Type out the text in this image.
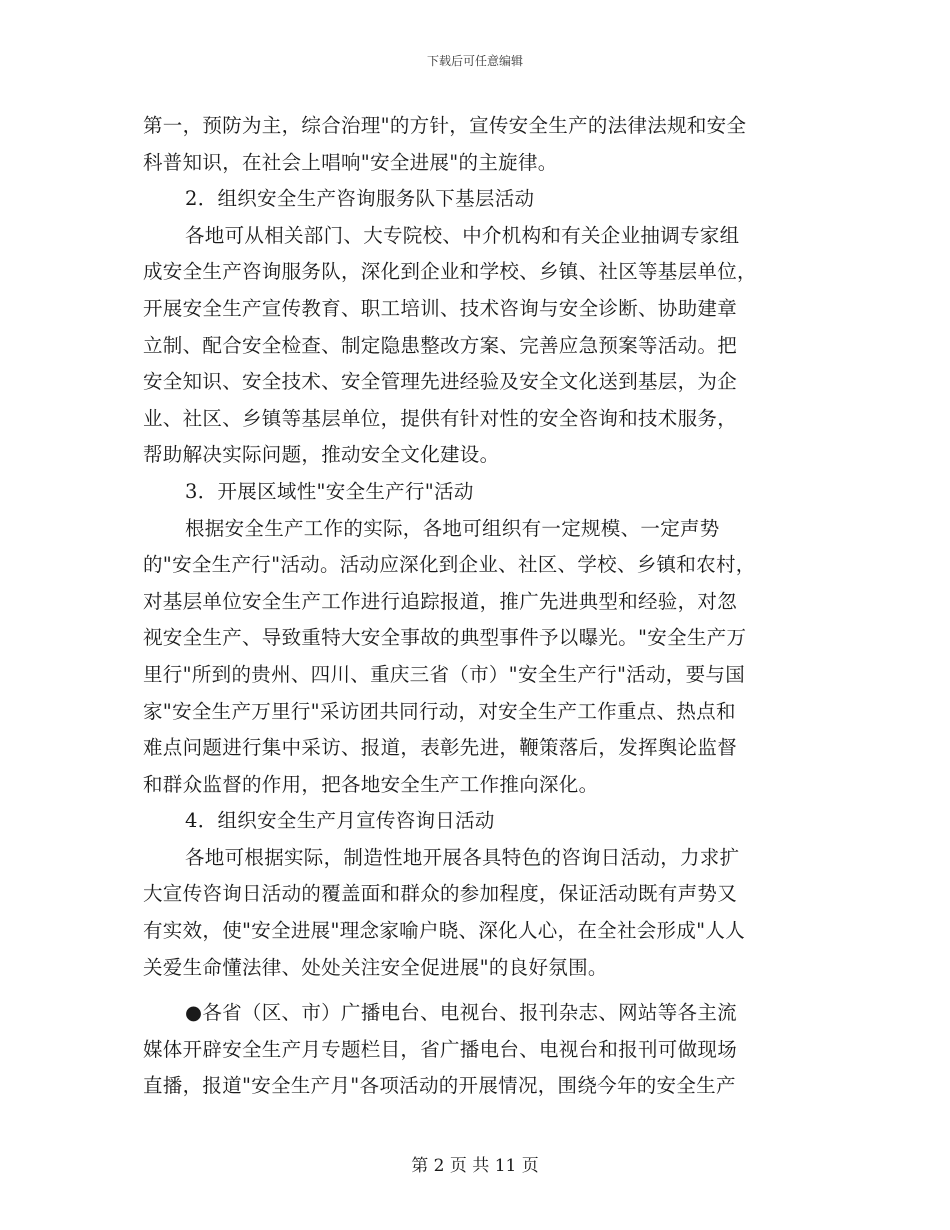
下载后可任意编辑
第一，预防为主，综合治理"的方针，宣传安全生产的法律法规和安全
科普知识，在社会上唱响"安全进展"的主旋律。
2．组织安全生产咨询服务队下基层活动
各地可从相关部门、大专院校、中介机构和有关企业抽调专家组
成安全生产咨询服务队，深化到企业和学校、乡镇、社区等基层单位，
开展安全生产宣传教育、职工培训、技术咨询与安全诊断、协助建章
立制、配合安全检查、制定隐患整改方案、完善应急预案等活动。把
安全知识、安全技术、安全管理先进经验及安全文化送到基层，为企
业、社区、乡镇等基层单位，提供有针对性的安全咨询和技术服务，
帮助解决实际问题，推动安全文化建设。
3．开展区域性"安全生产行"活动
根据安全生产工作的实际，各地可组织有一定规模、一定声势
的"安全生产行"活动。活动应深化到企业、社区、学校、乡镇和农村，
对基层单位安全生产工作进行追踪报道，推广先进典型和经验，对忽
视安全生产、导致重特大安全事故的典型事件予以曝光。"安全生产万
里行"所到的贵州、四川、重庆三省（市）"安全生产行"活动，要与国
家"安全生产万里行"采访团共同行动，对安全生产工作重点、热点和
难点问题进行集中采访、报道，表彰先进，鞭策落后，发挥舆论监督
和群众监督的作用，把各地安全生产工作推向深化。
4．组织安全生产月宣传咨询日活动
各地可根据实际，制造性地开展各具特色的咨询日活动，力求扩
大宣传咨询日活动的覆盖面和群众的参加程度，保证活动既有声势又
有实效，使"安全进展"理念家喻户晓、深化人心，在全社会形成"人人
关爱生命懂法律、处处关注安全促进展"的良好氛围。
●各省（区、市）广播电台、电视台、报刊杂志、网站等各主流
媒体开辟安全生产月专题栏目，省广播电台、电视台和报刊可做现场
直播，报道"安全生产月"各项活动的开展情况，围绕今年的安全生产
第 2 页 共 11 页
